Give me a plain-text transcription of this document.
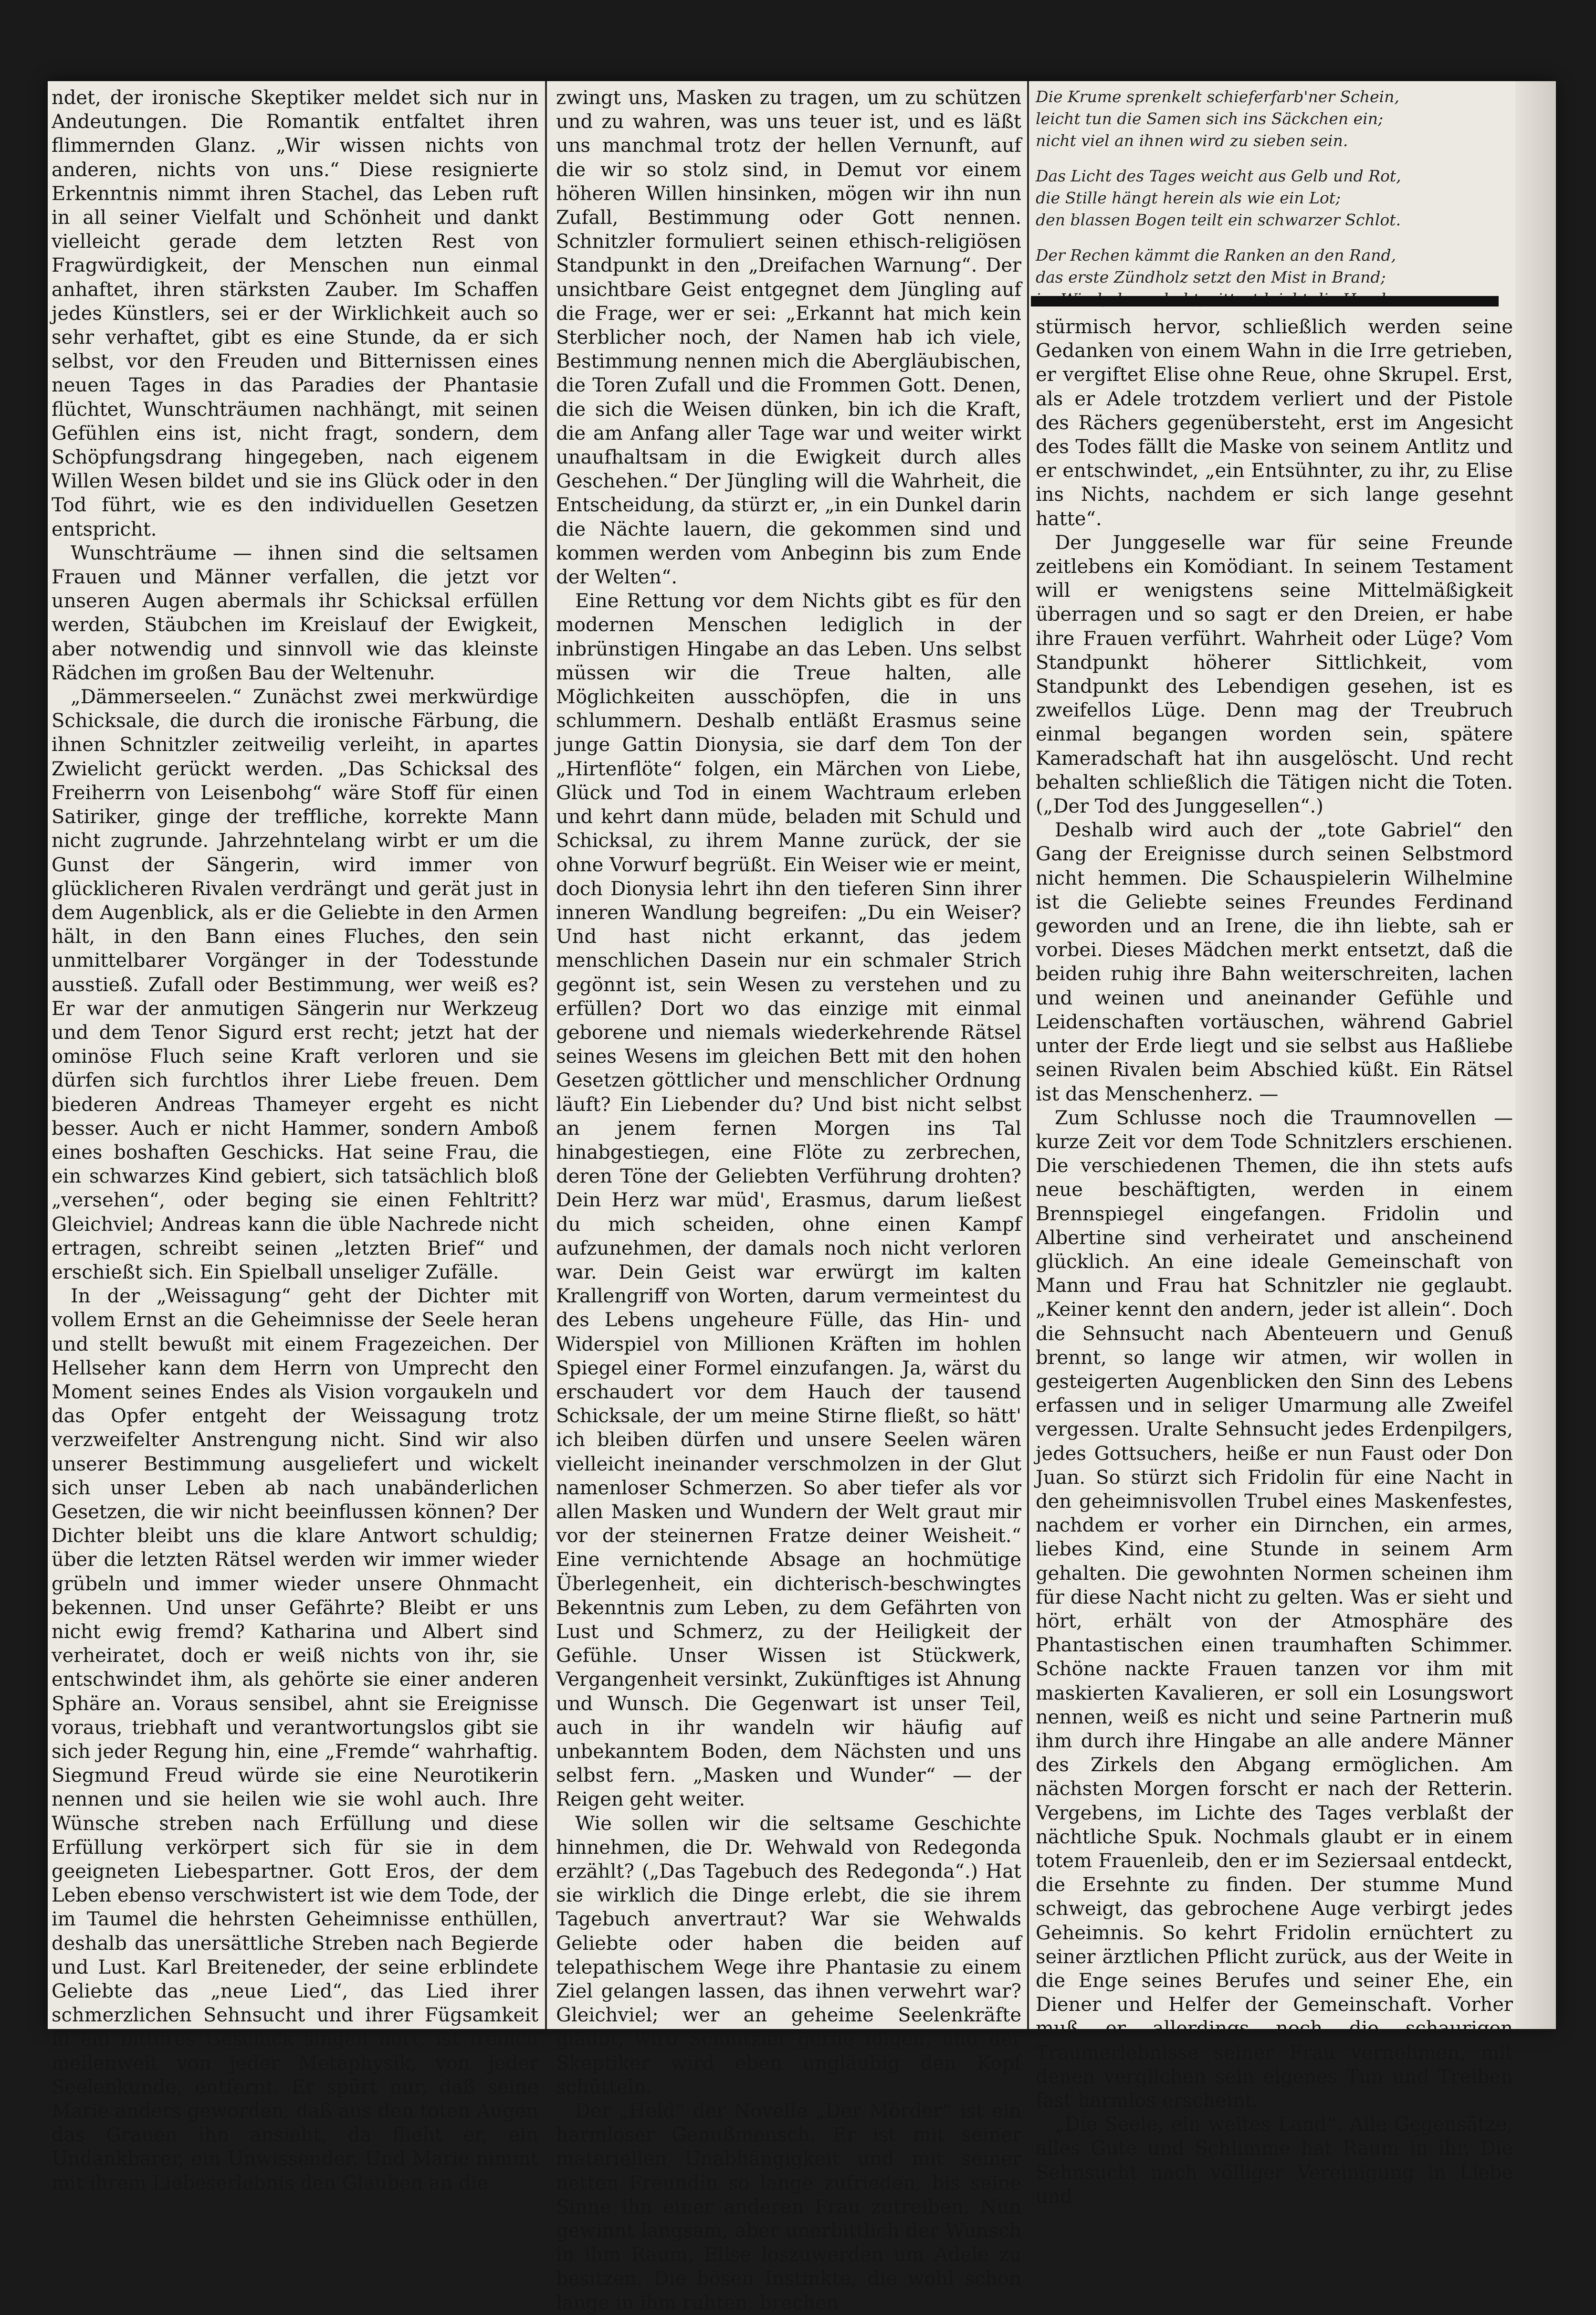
ndet, der ironische Skeptiker meldet sich nur in Andeutungen. Die Romantik entfaltet ihren flimmernden Glanz. „Wir wissen nichts von anderen, nichts von uns.“ Diese resignierte Erkenntnis nimmt ihren Stachel, das Leben ruft in all seiner Vielfalt und Schönheit und dankt vielleicht gerade dem letzten Rest von Fragwürdigkeit, der Menschen nun einmal anhaftet, ihren stärksten Zauber. Im Schaffen jedes Künstlers, sei er der Wirklichkeit auch so sehr verhaftet, gibt es eine Stunde, da er sich selbst, vor den Freuden und Bitternissen eines neuen Tages in das Paradies der Phantasie flüchtet, Wunschträumen nachhängt, mit seinen Gefühlen eins ist, nicht fragt, sondern, dem Schöpfungsdrang hingegeben, nach eigenem Willen Wesen bildet und sie ins Glück oder in den Tod führt, wie es den individuellen Gesetzen entspricht.

Wunschträume — ihnen sind die seltsamen Frauen und Männer verfallen, die jetzt vor unseren Augen abermals ihr Schicksal erfüllen werden, Stäubchen im Kreislauf der Ewigkeit, aber notwendig und sinnvoll wie das kleinste Rädchen im großen Bau der Weltenuhr.

„Dämmerseelen.“ Zunächst zwei merkwürdige Schicksale, die durch die ironische Färbung, die ihnen Schnitzler zeitweilig verleiht, in apartes Zwielicht gerückt werden. „Das Schicksal des Freiherrn von Leisenbohg“ wäre Stoff für einen Satiriker, ginge der treffliche, korrekte Mann nicht zugrunde. Jahrzehntelang wirbt er um die Gunst der Sängerin, wird immer von glücklicheren Rivalen verdrängt und gerät just in dem Augenblick, als er die Geliebte in den Armen hält, in den Bann eines Fluches, den sein unmittelbarer Vorgänger in der Todesstunde ausstieß. Zufall oder Bestimmung, wer weiß es? Er war der anmutigen Sängerin nur Werkzeug und dem Tenor Sigurd erst recht; jetzt hat der ominöse Fluch seine Kraft verloren und sie dürfen sich furchtlos ihrer Liebe freuen. Dem biederen Andreas Thameyer ergeht es nicht besser. Auch er nicht Hammer, sondern Amboß eines boshaften Geschicks. Hat seine Frau, die ein schwarzes Kind gebiert, sich tatsächlich bloß „versehen“, oder beging sie einen Fehltritt? Gleichviel; Andreas kann die üble Nachrede nicht ertragen, schreibt seinen „letzten Brief“ und erschießt sich. Ein Spielball unseliger Zufälle.

In der „Weissagung“ geht der Dichter mit vollem Ernst an die Geheimnisse der Seele heran und stellt bewußt mit einem Fragezeichen. Der Hellseher kann dem Herrn von Umprecht den Moment seines Endes als Vision vorgaukeln und das Opfer entgeht der Weissagung trotz verzweifelter Anstrengung nicht. Sind wir also unserer Bestimmung ausgeliefert und wickelt sich unser Leben ab nach unabänderlichen Gesetzen, die wir nicht beeinflussen können? Der Dichter bleibt uns die klare Antwort schuldig; über die letzten Rätsel werden wir immer wieder grübeln und immer wieder unsere Ohnmacht bekennen. Und unser Gefährte? Bleibt er uns nicht ewig fremd? Katharina und Albert sind verheiratet, doch er weiß nichts von ihr, sie entschwindet ihm, als gehörte sie einer anderen Sphäre an. Voraus sensibel, ahnt sie Ereignisse voraus, triebhaft und verantwortungslos gibt sie sich jeder Regung hin, eine „Fremde“ wahrhaftig. Siegmund Freud würde sie eine Neurotikerin nennen und sie heilen wie sie wohl auch. Ihre Wünsche streben nach Erfüllung und diese Erfüllung verkörpert sich für sie in dem geeigneten Liebespartner. Gott Eros, der dem Leben ebenso verschwistert ist wie dem Tode, der im Taumel die hehrsten Geheimnisse enthüllen, deshalb das unersättliche Streben nach Begierde und Lust. Karl Breiteneder, der seine erblindete Geliebte das „neue Lied“, das Lied ihrer schmerzlichen Sehnsucht und ihrer Fügsamkeit in ein bitteres Geschick singen hört, ist freilich meilenweit von jeder Metaphysik, von jeder Seelenkunde, entfernt. Er spürt nur, daß seine Marie anders geworden, daß aus den toten Augen das Grauen ihn ansieht, da flieht er, ein Undankbarer, ein Unwissender. Und Marie nimmt mit ihrem Liebeserlebnis den Glauben an die

zwingt uns, Masken zu tragen, um zu schützen und zu wahren, was uns teuer ist, und es läßt uns manchmal trotz der hellen Vernunft, auf die wir so stolz sind, in Demut vor einem höheren Willen hinsinken, mögen wir ihn nun Zufall, Bestimmung oder Gott nennen. Schnitzler formuliert seinen ethisch-religiösen Standpunkt in den „Dreifachen Warnung“. Der unsichtbare Geist entgegnet dem Jüngling auf die Frage, wer er sei: „Erkannt hat mich kein Sterblicher noch, der Namen hab ich viele, Bestimmung nennen mich die Abergläubischen, die Toren Zufall und die Frommen Gott. Denen, die sich die Weisen dünken, bin ich die Kraft, die am Anfang aller Tage war und weiter wirkt unaufhaltsam in die Ewigkeit durch alles Geschehen.“ Der Jüngling will die Wahrheit, die Entscheidung, da stürzt er, „in ein Dunkel darin die Nächte lauern, die gekommen sind und kommen werden vom Anbeginn bis zum Ende der Welten“.

Eine Rettung vor dem Nichts gibt es für den modernen Menschen lediglich in der inbrünstigen Hingabe an das Leben. Uns selbst müssen wir die Treue halten, alle Möglichkeiten ausschöpfen, die in uns schlummern. Deshalb entläßt Erasmus seine junge Gattin Dionysia, sie darf dem Ton der „Hirtenflöte“ folgen, ein Märchen von Liebe, Glück und Tod in einem Wachtraum erleben und kehrt dann müde, beladen mit Schuld und Schicksal, zu ihrem Manne zurück, der sie ohne Vorwurf begrüßt. Ein Weiser wie er meint, doch Dionysia lehrt ihn den tieferen Sinn ihrer inneren Wandlung begreifen: „Du ein Weiser? Und hast nicht erkannt, das jedem menschlichen Dasein nur ein schmaler Strich gegönnt ist, sein Wesen zu verstehen und zu erfüllen? Dort wo das einzige mit einmal geborene und niemals wiederkehrende Rätsel seines Wesens im gleichen Bett mit den hohen Gesetzen göttlicher und menschlicher Ordnung läuft? Ein Liebender du? Und bist nicht selbst an jenem fernen Morgen ins Tal hinabgestiegen, eine Flöte zu zerbrechen, deren Töne der Geliebten Verführung drohten? Dein Herz war müd', Erasmus, darum ließest du mich scheiden, ohne einen Kampf aufzunehmen, der damals noch nicht verloren war. Dein Geist war erwürgt im kalten Krallengriff von Worten, darum vermeintest du des Lebens ungeheure Fülle, das Hin- und Widerspiel von Millionen Kräften im hohlen Spiegel einer Formel einzufangen. Ja, wärst du erschaudert vor dem Hauch der tausend Schicksale, der um meine Stirne fließt, so hätt' ich bleiben dürfen und unsere Seelen wären vielleicht ineinander verschmolzen in der Glut namenloser Schmerzen. So aber tiefer als vor allen Masken und Wundern der Welt graut mir vor der steinernen Fratze deiner Weisheit.“ Eine vernichtende Absage an hochmütige Überlegenheit, ein dichterisch-beschwingtes Bekenntnis zum Leben, zu dem Gefährten von Lust und Schmerz, zu der Heiligkeit der Gefühle. Unser Wissen ist Stückwerk, Vergangenheit versinkt, Zukünftiges ist Ahnung und Wunsch. Die Gegenwart ist unser Teil, auch in ihr wandeln wir häufig auf unbekanntem Boden, dem Nächsten und uns selbst fern. „Masken und Wunder“ — der Reigen geht weiter.

Wie sollen wir die seltsame Geschichte hinnehmen, die Dr. Wehwald von Redegonda erzählt? („Das Tagebuch des Redegonda“.) Hat sie wirklich die Dinge erlebt, die sie ihrem Tagebuch anvertraut? War sie Wehwalds Geliebte oder haben die beiden auf telepathischem Wege ihre Phantasie zu einem Ziel gelangen lassen, das ihnen verwehrt war? Gleichviel; wer an geheime Seelenkräfte glaubt, wird Schnitzler gerne folgen, und der Skeptiker wird eben ungläubig den Kopf schütteln.

Der „Held“ der Novelle „Der Mörder“ ist ein harmloser Genußmensch. Er ist mit seiner materiellen Unabhängigkeit und mit seiner netten Freundin so lange zufrieden, bis seine Sinne ihn einer anderen Frau zutreiben. Nun gewinnt langsam, aber unerbittlich der Wunsch in ihm Raum, Elise loszuwerden um Adele zu besitzen. Die bösen Instinkte, die wohl schon lange in ihm ruhten, brechen

Die Krume sprenkelt schieferfarb'ner Schein,
leicht tun die Samen sich ins Säckchen ein;
nicht viel an ihnen wird zu sieben sein.
Das Licht des Tages weicht aus Gelb und Rot,
die Stille hängt herein als wie ein Lot;
den blassen Bogen teilt ein schwarzer Schlot.
Der Rechen kämmt die Ranken an den Rand,
das erste Zündholz setzt den Mist in Brand;

stürmisch hervor, schließlich werden seine Gedanken von einem Wahn in die Irre getrieben, er vergiftet Elise ohne Reue, ohne Skrupel. Erst, als er Adele trotzdem verliert und der Pistole des Rächers gegenübersteht, erst im Angesicht des Todes fällt die Maske von seinem Antlitz und er entschwindet, „ein Entsühnter, zu ihr, zu Elise ins Nichts, nachdem er sich lange gesehnt hatte“.

Der Junggeselle war für seine Freunde zeitlebens ein Komödiant. In seinem Testament will er wenigstens seine Mittelmäßigkeit überragen und so sagt er den Dreien, er habe ihre Frauen verführt. Wahrheit oder Lüge? Vom Standpunkt höherer Sittlichkeit, vom Standpunkt des Lebendigen gesehen, ist es zweifellos Lüge. Denn mag der Treubruch einmal begangen worden sein, spätere Kameradschaft hat ihn ausgelöscht. Und recht behalten schließlich die Tätigen nicht die Toten. („Der Tod des Junggesellen“.)

Deshalb wird auch der „tote Gabriel“ den Gang der Ereignisse durch seinen Selbstmord nicht hemmen. Die Schauspielerin Wilhelmine ist die Geliebte seines Freundes Ferdinand geworden und an Irene, die ihn liebte, sah er vorbei. Dieses Mädchen merkt entsetzt, daß die beiden ruhig ihre Bahn weiterschreiten, lachen und weinen und aneinander Gefühle und Leidenschaften vortäuschen, während Gabriel unter der Erde liegt und sie selbst aus Haßliebe seinen Rivalen beim Abschied küßt. Ein Rätsel ist das Menschenherz. —

Zum Schlusse noch die Traumnovellen — kurze Zeit vor dem Tode Schnitzlers erschienen. Die verschiedenen Themen, die ihn stets aufs neue beschäftigten, werden in einem Brennspiegel eingefangen. Fridolin und Albertine sind verheiratet und anscheinend glücklich. An eine ideale Gemeinschaft von Mann und Frau hat Schnitzler nie geglaubt. „Keiner kennt den andern, jeder ist allein“. Doch die Sehnsucht nach Abenteuern und Genuß brennt, so lange wir atmen, wir wollen in gesteigerten Augenblicken den Sinn des Lebens erfassen und in seliger Umarmung alle Zweifel vergessen. Uralte Sehnsucht jedes Erdenpilgers, jedes Gottsuchers, heiße er nun Faust oder Don Juan. So stürzt sich Fridolin für eine Nacht in den geheimnisvollen Trubel eines Maskenfestes, nachdem er vorher ein Dirnchen, ein armes, liebes Kind, eine Stunde in seinem Arm gehalten. Die gewohnten Normen scheinen ihm für diese Nacht nicht zu gelten. Was er sieht und hört, erhält von der Atmosphäre des Phantastischen einen traumhaften Schimmer. Schöne nackte Frauen tanzen vor ihm mit maskierten Kavalieren, er soll ein Losungswort nennen, weiß es nicht und seine Partnerin muß ihm durch ihre Hingabe an alle andere Männer des Zirkels den Abgang ermöglichen. Am nächsten Morgen forscht er nach der Retterin. Vergebens, im Lichte des Tages verblaßt der nächtliche Spuk. Nochmals glaubt er in einem totem Frauenleib, den er im Seziersaal entdeckt, die Ersehnte zu finden. Der stumme Mund schweigt, das gebrochene Auge verbirgt jedes Geheimnis. So kehrt Fridolin ernüchtert zu seiner ärztlichen Pflicht zurück, aus der Weite in die Enge seines Berufes und seiner Ehe, ein Diener und Helfer der Gemeinschaft. Vorher muß er allerdings noch die schaurigen Traumerlebnisse seiner Frau vernehmen, mit denen verglichen sein eigenes Tun und Treiben fast harmlos erscheint.

„Die Seele, ein weites Land“. Alle Gegensätze, alles Gute und Schlimme hat Raum in ihr. Die Sehnsucht nach völliger Vereinigung in Liebe und
